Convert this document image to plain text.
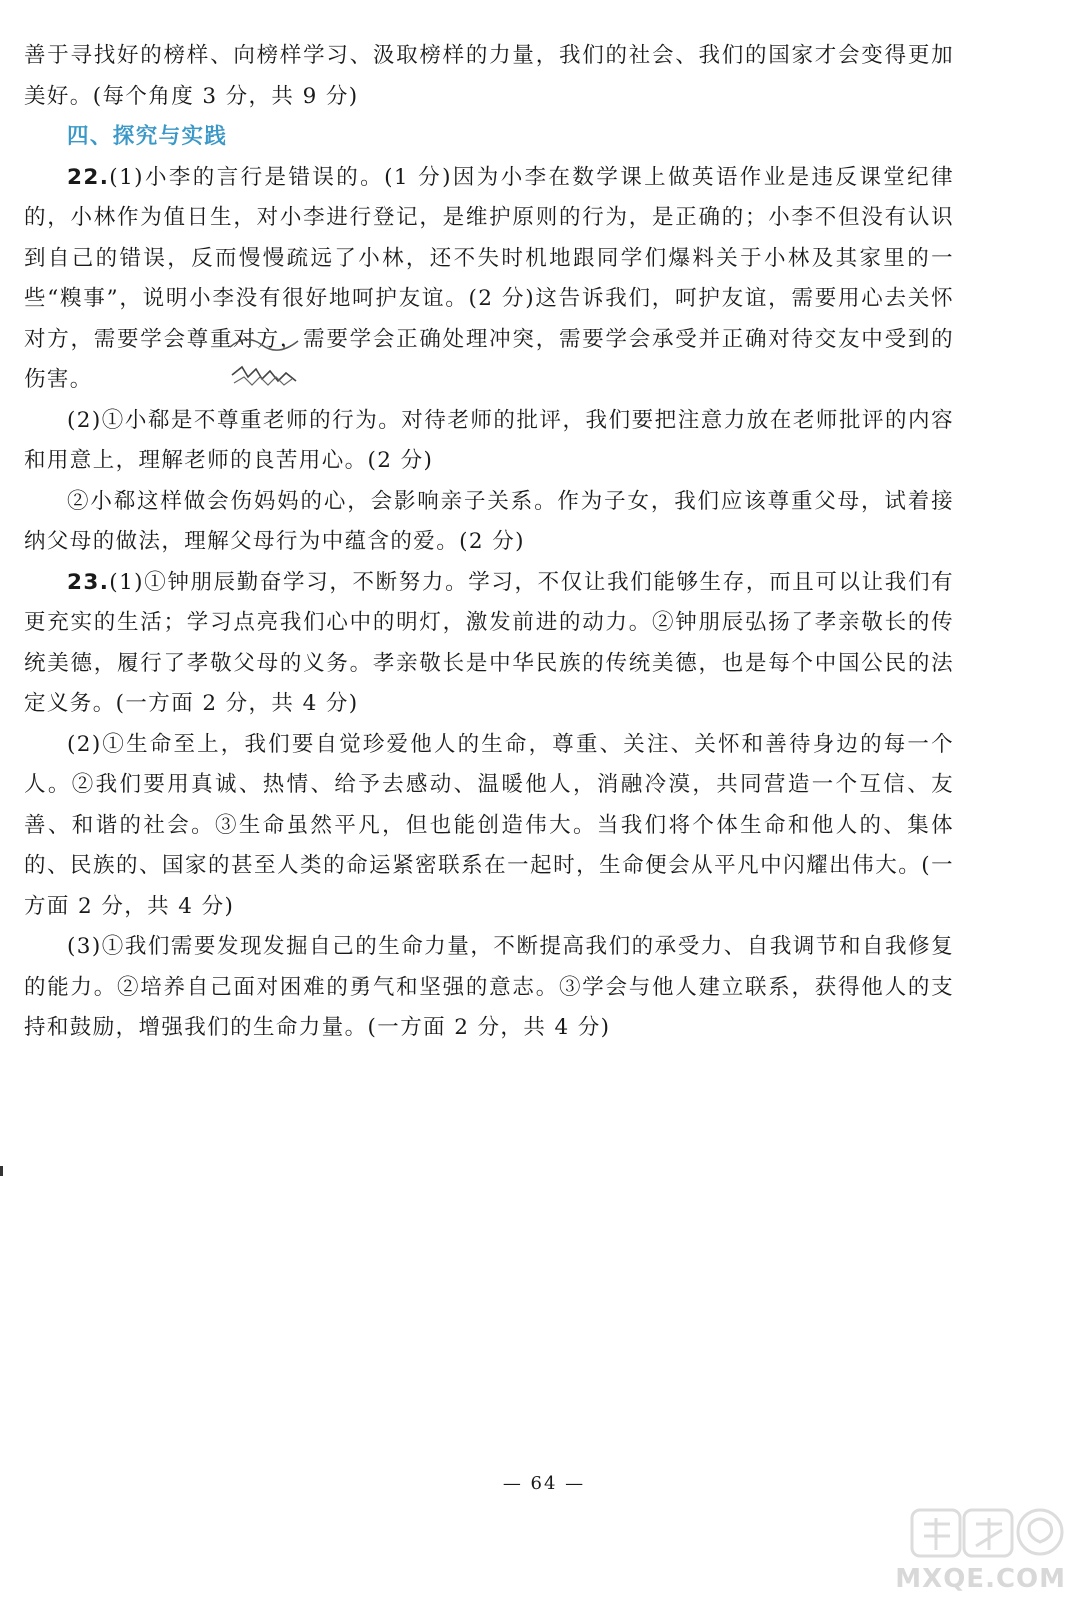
善于寻找好的榜样、向榜样学习、汲取榜样的力量，我们的社会、我们的国家才会变得更加美好。(每个角度 3 分，共 9 分)

四、探究与实践

22.(1)小李的言行是错误的。(1 分)因为小李在数学课上做英语作业是违反课堂纪律的，小林作为值日生，对小李进行登记，是维护原则的行为，是正确的；小李不但没有认识到自己的错误，反而慢慢疏远了小林，还不失时机地跟同学们爆料关于小林及其家里的一些“糗事”，说明小李没有很好地呵护友谊。(2 分)这告诉我们，呵护友谊，需要用心去关怀对方，需要学会尊重对方，需要学会正确处理冲突，需要学会承受并正确对待交友中受到的伤害。

(2)①小郗是不尊重老师的行为。对待老师的批评，我们要把注意力放在老师批评的内容和用意上，理解老师的良苦用心。(2 分)

②小郗这样做会伤妈妈的心，会影响亲子关系。作为子女，我们应该尊重父母，试着接纳父母的做法，理解父母行为中蕴含的爱。(2 分)

23.(1)①钟朋辰勤奋学习，不断努力。学习，不仅让我们能够生存，而且可以让我们有更充实的生活；学习点亮我们心中的明灯，激发前进的动力。②钟朋辰弘扬了孝亲敬长的传统美德，履行了孝敬父母的义务。孝亲敬长是中华民族的传统美德，也是每个中国公民的法定义务。(一方面 2 分，共 4 分)

(2)①生命至上，我们要自觉珍爱他人的生命，尊重、关注、关怀和善待身边的每一个人。②我们要用真诚、热情、给予去感动、温暖他人，消融冷漠，共同营造一个互信、友善、和谐的社会。③生命虽然平凡，但也能创造伟大。当我们将个体生命和他人的、集体的、民族的、国家的甚至人类的命运紧密联系在一起时，生命便会从平凡中闪耀出伟大。(一方面 2 分，共 4 分)

(3)①我们需要发现发掘自己的生命力量，不断提高我们的承受力、自我调节和自我修复的能力。②培养自己面对困难的勇气和坚强的意志。③学会与他人建立联系，获得他人的支持和鼓励，增强我们的生命力量。(一方面 2 分，共 4 分)

— 64 —
MXQE.COM
